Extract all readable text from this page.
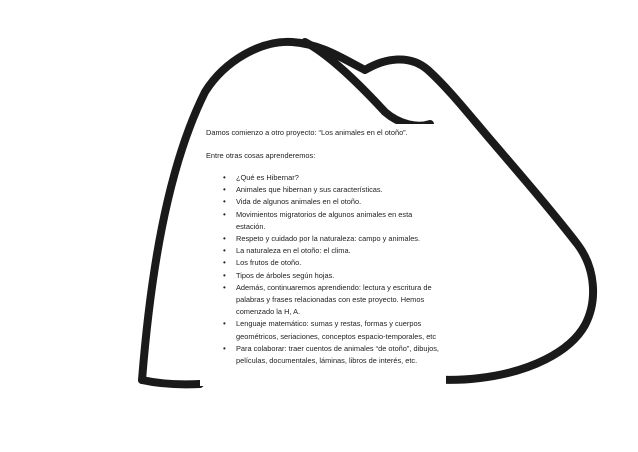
Damos comienzo a otro proyecto: “Los animales en el otoño”.
Entre otras cosas aprenderemos:
• ¿Qué es Hibernar?
• Animales que hibernan y sus características.
• Vida de algunos animales en el otoño.
• Movimientos migratorios de algunos animales en esta estación.
• Respeto y cuidado por la naturaleza: campo y animales.
• La naturaleza en el otoño: el clima.
• Los frutos de otoño.
• Tipos de árboles según hojas.
• Además, continuaremos aprendiendo: lectura y escritura de palabras y frases relacionadas con este proyecto. Hemos comenzado la H, A.
• Lenguaje matemático: sumas y restas, formas y cuerpos geométricos, seriaciones, conceptos espacio-temporales, etc
• Para colaborar: traer cuentos de animales “de otoño”, dibujos, películas, documentales, láminas, libros de interés, etc.
